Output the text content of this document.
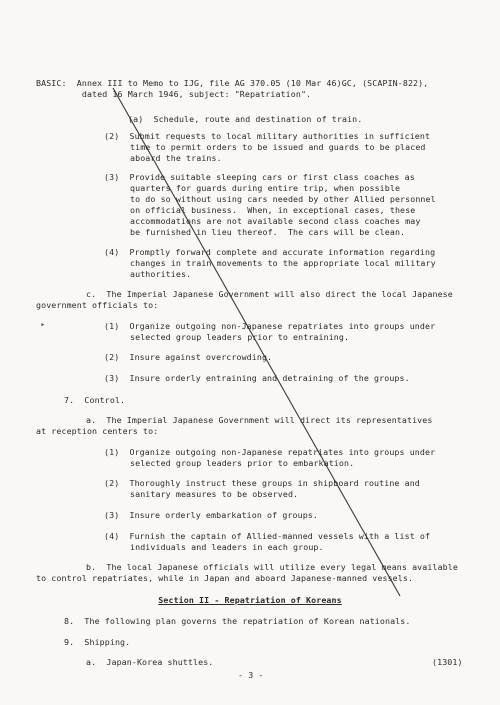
BASIC:  Annex III to Memo to IJG, file AG 370.05 (10 Mar 46)GC, (SCAPIN-822),
dated 16 March 1946, subject: "Repatriation".
(a)  Schedule, route and destination of train.
(2)  Submit requests to local military authorities in sufficient
time to permit orders to be issued and guards to be placed
aboard the trains.
(3)  Provide suitable sleeping cars or first class coaches as
quarters for guards during entire trip, when possible
to do so without using cars needed by other Allied personnel
on official business.  When, in exceptional cases, these
accommodations are not available second class coaches may
be furnished in lieu thereof.  The cars will be clean.
(4)  Promptly forward complete and accurate information regarding
changes in train movements to the appropriate local military
authorities.
c.  The Imperial Japanese Government will also direct the local Japanese
government officials to:
‣	(1)  Organize outgoing non-Japanese repatriates into groups under
selected group leaders prior to entraining.
(2)  Insure against overcrowding.
(3)  Insure orderly entraining and detraining of the groups.
7.  Control.
a.  The Imperial Japanese Government will direct its representatives
at reception centers to:
(1)  Organize outgoing non-Japanese repatriates into groups under
selected group leaders prior to embarkation.
(2)  Thoroughly instruct these groups in shipboard routine and
sanitary measures to be observed.
(3)  Insure orderly embarkation of groups.
(4)  Furnish the captain of Allied-manned vessels with a list of
individuals and leaders in each group.
b.  The local Japanese officials will utilize every legal means available
to control repatriates, while in Japan and aboard Japanese-manned vessels.
Section II - Repatriation of Koreans
8.  The following plan governs the repatriation of Korean nationals.
9.  Shipping.
a.  Japan-Korea shuttles.
- 3 -
(1301)
